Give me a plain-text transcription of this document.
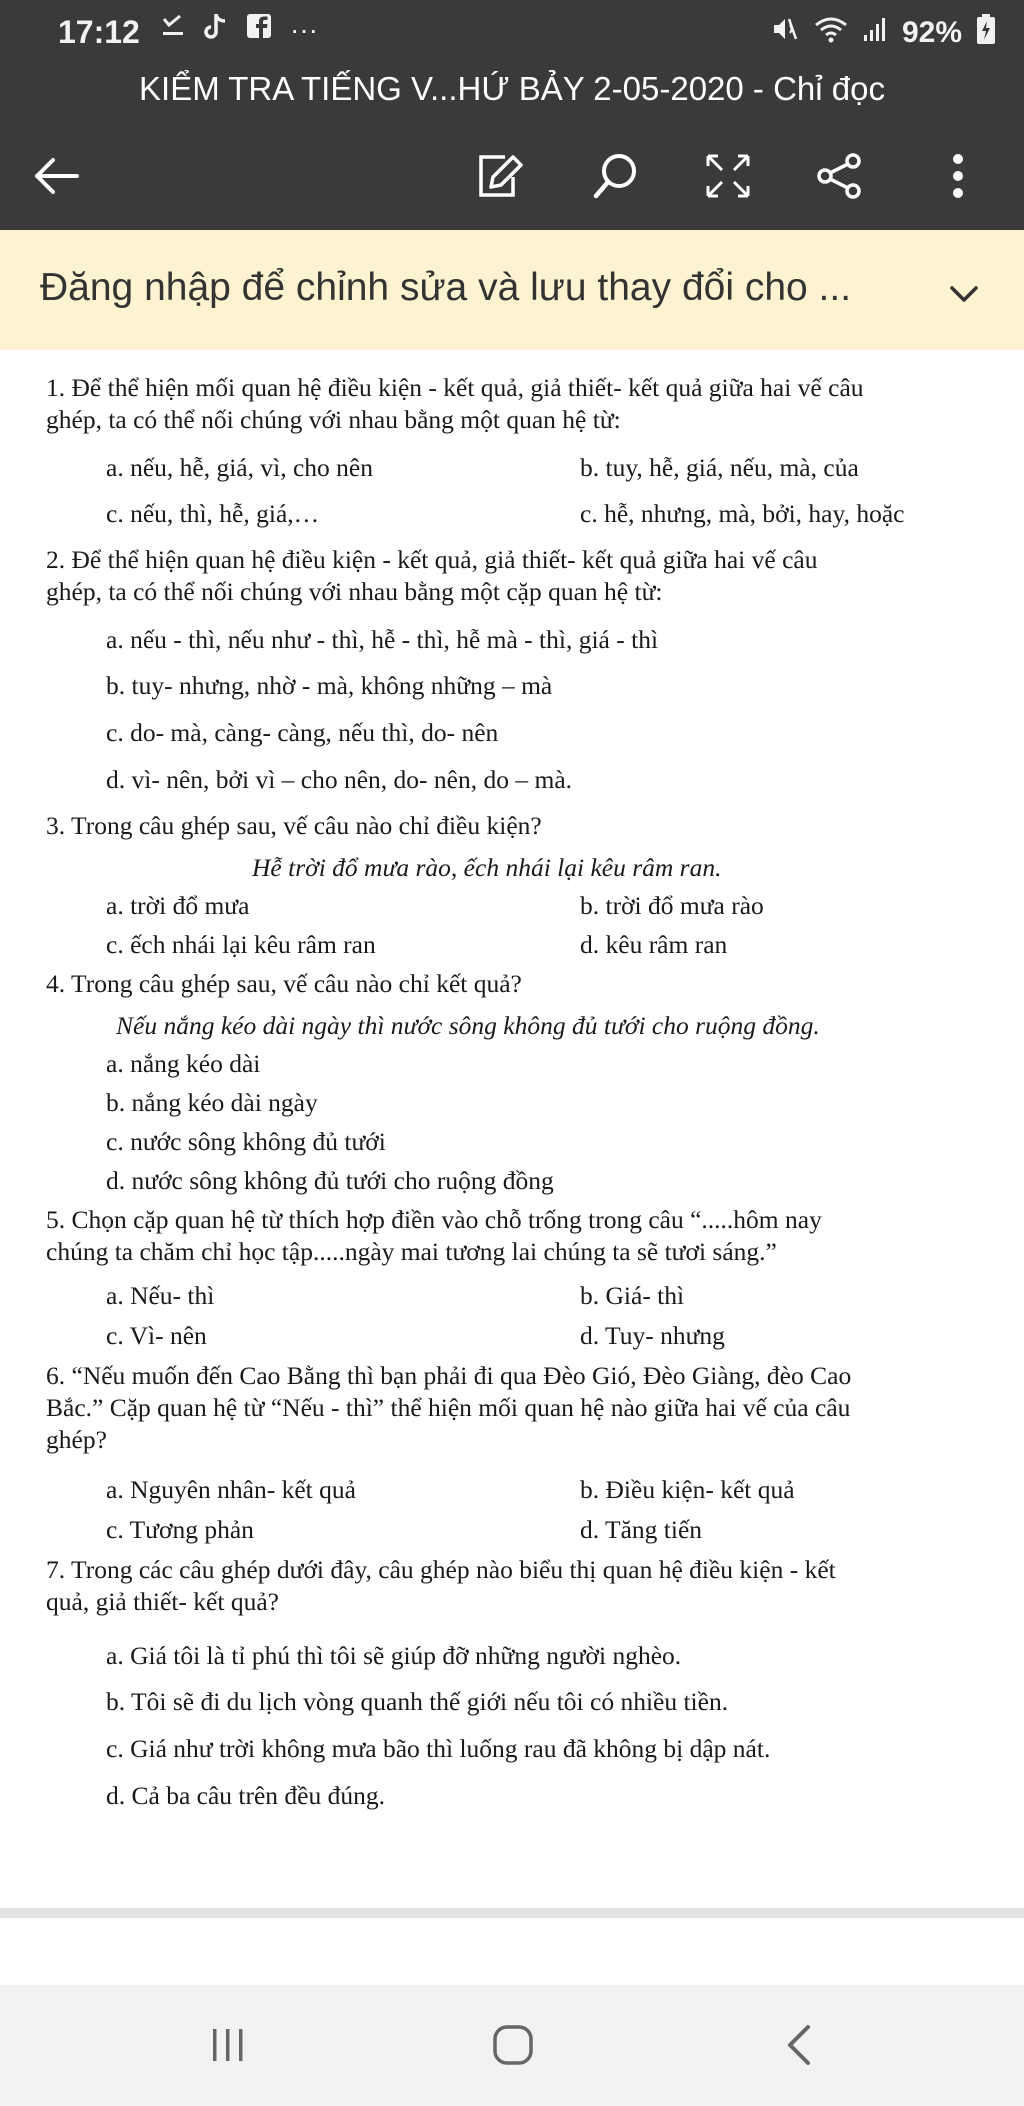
17:12	···	92%
KIỂM TRA TIẾNG V...HỨ BẢY 2-05-2020 - Chỉ đọc
Đăng nhập để chỉnh sửa và lưu thay đổi cho ...
1. Để thể hiện mối quan hệ điều kiện - kết quả, giả thiết- kết quả giữa hai vế câu
ghép, ta có thể nối chúng với nhau bằng một quan hệ từ:
a. nếu, hễ, giá, vì, cho nên	b. tuy, hễ, giá, nếu, mà, của
c. nếu, thì, hễ, giá,…	c. hễ, nhưng, mà, bởi, hay, hoặc
2. Để thể hiện quan hệ điều kiện - kết quả, giả thiết- kết quả giữa hai vế câu
ghép, ta có thể nối chúng với nhau bằng một cặp quan hệ từ:
a. nếu - thì, nếu như - thì, hễ - thì, hễ mà - thì, giá - thì
b. tuy- nhưng, nhờ - mà, không những – mà
c. do- mà, càng- càng, nếu thì, do- nên
d. vì- nên, bởi vì – cho nên, do- nên, do – mà.
3. Trong câu ghép sau, vế câu nào chỉ điều kiện?
Hễ trời đổ mưa rào, ếch nhái lại kêu râm ran.
a. trời đổ mưa	b. trời đổ mưa rào
c. ếch nhái lại kêu râm ran	d. kêu râm ran
4. Trong câu ghép sau, vế câu nào chỉ kết quả?
Nếu nắng kéo dài ngày thì nước sông không đủ tưới cho ruộng đồng.
a. nắng kéo dài
b. nắng kéo dài ngày
c. nước sông không đủ tưới
d. nước sông không đủ tưới cho ruộng đồng
5. Chọn cặp quan hệ từ thích hợp điền vào chỗ trống trong câu “.....hôm nay
chúng ta chăm chỉ học tập.....ngày mai tương lai chúng ta sẽ tươi sáng.”
a. Nếu- thì	b. Giá- thì
c. Vì- nên	d. Tuy- nhưng
6. “Nếu muốn đến Cao Bằng thì bạn phải đi qua Đèo Gió, Đèo Giàng, đèo Cao
Bắc.” Cặp quan hệ từ “Nếu - thì” thể hiện mối quan hệ nào giữa hai vế của câu
ghép?
a. Nguyên nhân- kết quả	b. Điều kiện- kết quả
c. Tương phản	d. Tăng tiến
7. Trong các câu ghép dưới đây, câu ghép nào biểu thị quan hệ điều kiện - kết
quả, giả thiết- kết quả?
a. Giá tôi là tỉ phú thì tôi sẽ giúp đỡ những người nghèo.
b. Tôi sẽ đi du lịch vòng quanh thế giới nếu tôi có nhiều tiền.
c. Giá như trời không mưa bão thì luống rau đã không bị dập nát.
d. Cả ba câu trên đều đúng.
